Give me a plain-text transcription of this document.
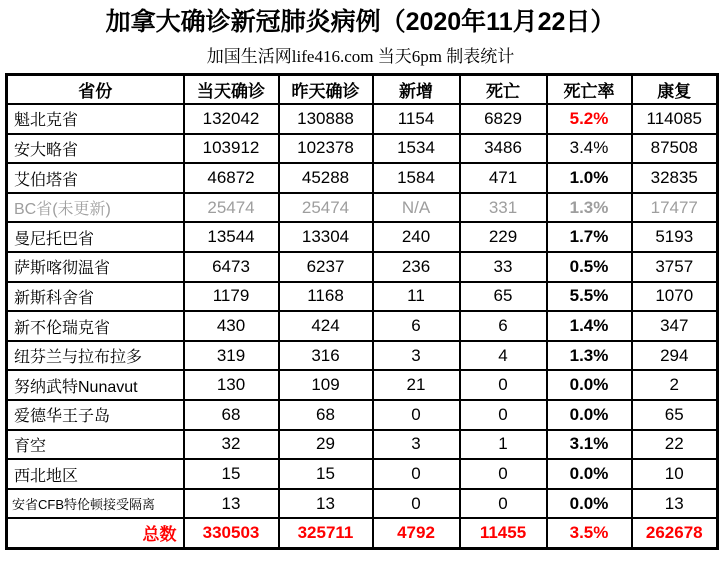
加拿大确诊新冠肺炎病例（2020年11月22日）
加国生活网life416.com 当天6pm 制表统计
省份	当天确诊	昨天确诊	新增	死亡	死亡率	康复
魁北克省	132042	130888	1154	6829	5.2%	114085
安大略省	103912	102378	1534	3486	3.4%	87508
艾伯塔省	46872	45288	1584	471	1.0%	32835
BC省(未更新)	25474	25474	N/A	331	1.3%	17477
曼尼托巴省	13544	13304	240	229	1.7%	5193
萨斯喀彻温省	6473	6237	236	33	0.5%	3757
新斯科舍省	1179	1168	11	65	5.5%	1070
新不伦瑞克省	430	424	6	6	1.4%	347
纽芬兰与拉布拉多	319	316	3	4	1.3%	294
努纳武特Nunavut	130	109	21	0	0.0%	2
爱德华王子岛	68	68	0	0	0.0%	65
育空	32	29	3	1	3.1%	22
西北地区	15	15	0	0	0.0%	10
安省CFB特伦顿接受隔离	13	13	0	0	0.0%	13
总数	330503	325711	4792	11455	3.5%	262678
